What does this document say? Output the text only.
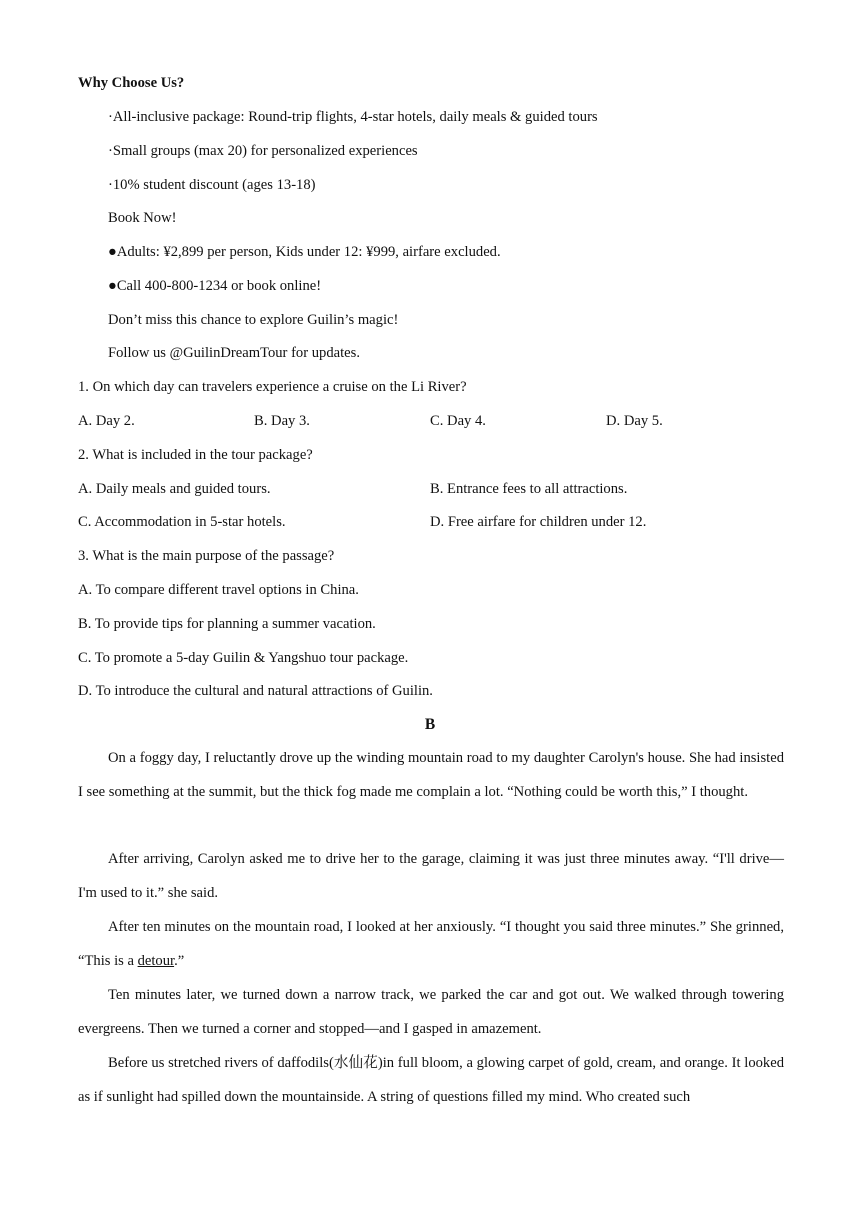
Why Choose Us?
·All-inclusive package: Round-trip flights, 4-star hotels, daily meals & guided tours
·Small groups (max 20) for personalized experiences
·10% student discount (ages 13-18)
Book Now!
●Adults: ¥2,899 per person, Kids under 12: ¥999, airfare excluded.
●Call 400-800-1234 or book online!
Don’t miss this chance to explore Guilin’s magic!
Follow us @GuilinDreamTour for updates.
1. On which day can travelers experience a cruise on the Li River?
A. Day 2.	B. Day 3.	C. Day 4.	D. Day 5.
2. What is included in the tour package?
A. Daily meals and guided tours.	B. Entrance fees to all attractions.
C. Accommodation in 5-star hotels.	D. Free airfare for children under 12.
3. What is the main purpose of the passage?
A. To compare different travel options in China.
B. To provide tips for planning a summer vacation.
C. To promote a 5-day Guilin & Yangshuo tour package.
D. To introduce the cultural and natural attractions of Guilin.
B

On a foggy day, I reluctantly drove up the winding mountain road to my daughter Carolyn's house. She had insisted I see something at the summit, but the thick fog made me complain a lot. “Nothing could be worth this,” I thought.

After arriving, Carolyn asked me to drive her to the garage, claiming it was just three minutes away. “I'll drive—I'm used to it.” she said.

After ten minutes on the mountain road, I looked at her anxiously. “I thought you said three minutes.” She grinned, “This is a detour.”

Ten minutes later, we turned down a narrow track, we parked the car and got out. We walked through towering evergreens. Then we turned a corner and stopped—and I gasped in amazement.

Before us stretched rivers of daffodils(水仙花)in full bloom, a glowing carpet of gold, cream, and orange. It looked as if sunlight had spilled down the mountainside. A string of questions filled my mind. Who created such
